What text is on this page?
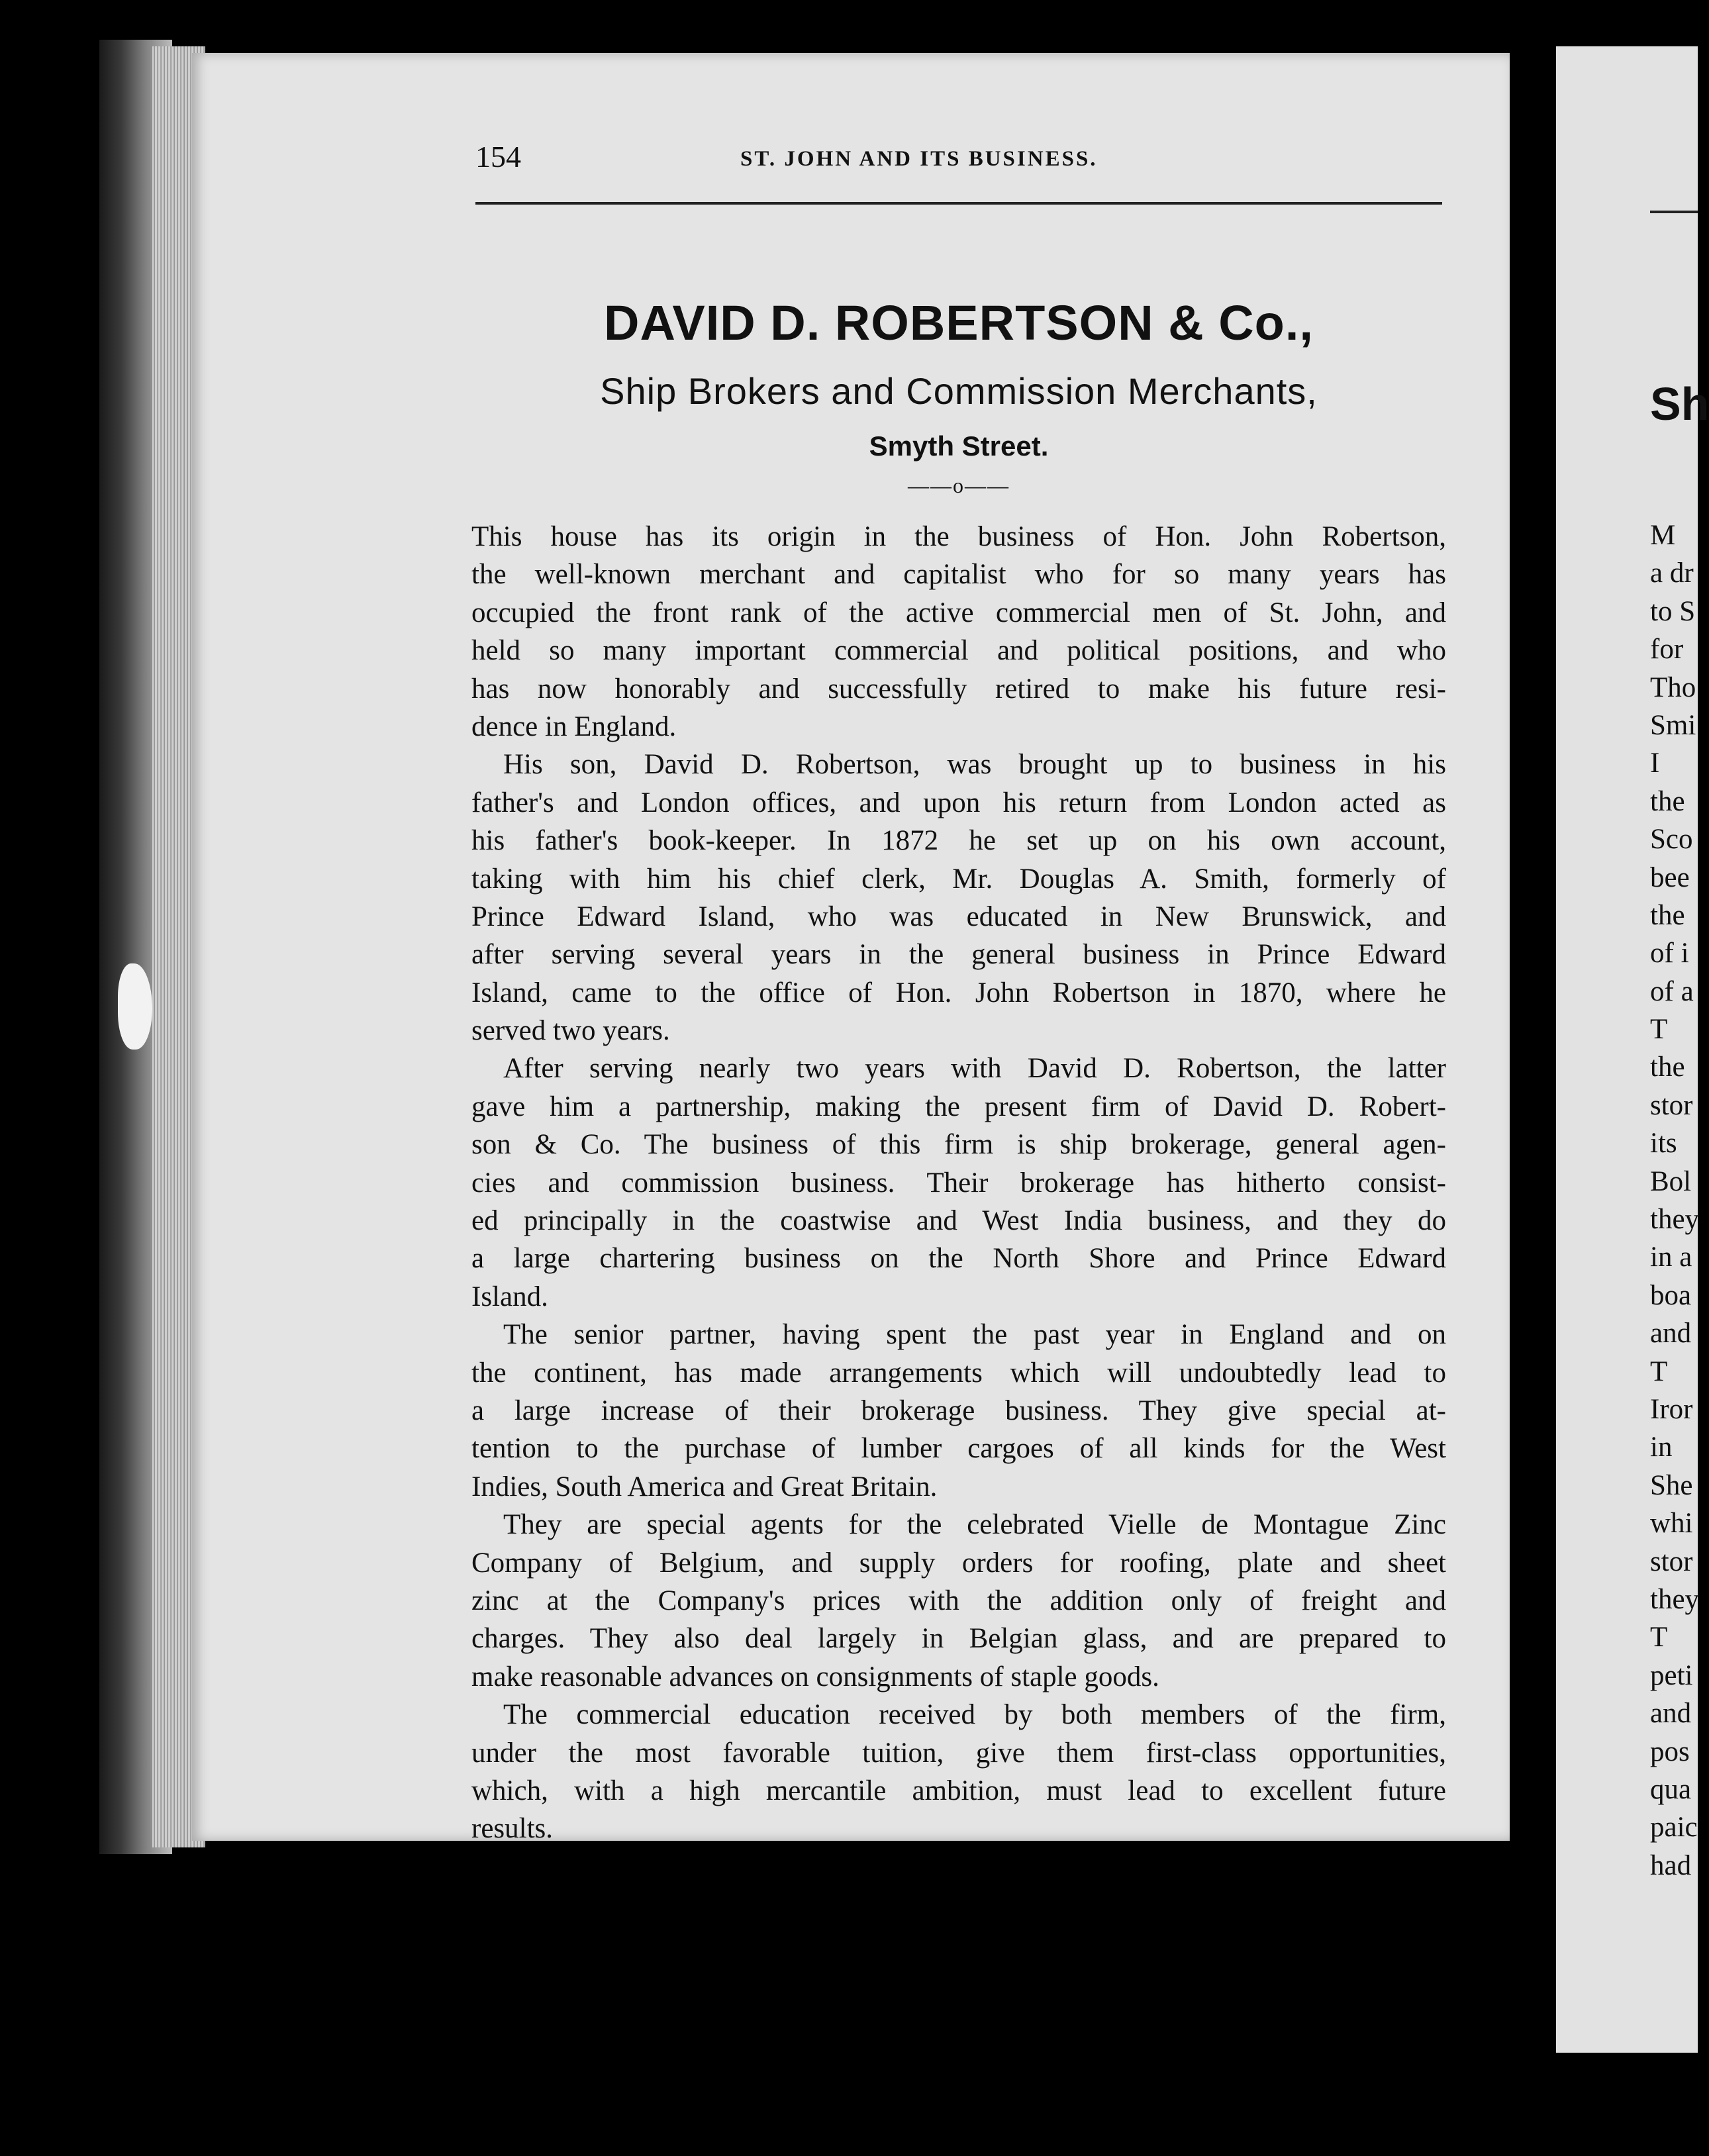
154	ST. JOHN AND ITS BUSINESS.
DAVID D. ROBERTSON & Co.,
Ship Brokers and Commission Merchants,
Smyth Street.
——o——
This house has its origin in the business of Hon. John Robertson,
the well-known merchant and capitalist who for so many years has
occupied the front rank of the active commercial men of St. John, and
held so many important commercial and political positions, and who
has now honorably and successfully retired to make his future resi-
dence in England.
His son, David D. Robertson, was brought up to business in his
father's and London offices, and upon his return from London acted as
his father's book-keeper. In 1872 he set up on his own account,
taking with him his chief clerk, Mr. Douglas A. Smith, formerly of
Prince Edward Island, who was educated in New Brunswick, and
after serving several years in the general business in Prince Edward
Island, came to the office of Hon. John Robertson in 1870, where he
served two years.
After serving nearly two years with David D. Robertson, the latter
gave him a partnership, making the present firm of David D. Robert-
son & Co. The business of this firm is ship brokerage, general agen-
cies and commission business. Their brokerage has hitherto consist-
ed principally in the coastwise and West India business, and they do
a large chartering business on the North Shore and Prince Edward
Island.
The senior partner, having spent the past year in England and on
the continent, has made arrangements which will undoubtedly lead to
a large increase of their brokerage business. They give special at-
tention to the purchase of lumber cargoes of all kinds for the West
Indies, South America and Great Britain.
They are special agents for the celebrated Vielle de Montague Zinc
Company of Belgium, and supply orders for roofing, plate and sheet
zinc at the Company's prices with the addition only of freight and
charges. They also deal largely in Belgian glass, and are prepared to
make reasonable advances on consignments of staple goods.
The commercial education received by both members of the firm,
under the most favorable tuition, give them first-class opportunities,
which, with a high mercantile ambition, must lead to excellent future
results.
Sh
M
a dr
to S
for
Tho
Smi
I
the
Sco
bee
the
of i
of a
T
the
stor
its
Bol
they
in a
boa
and
T
Iror
in
She
whi
stor
they
T
peti
and
pos
qua
paic
had
